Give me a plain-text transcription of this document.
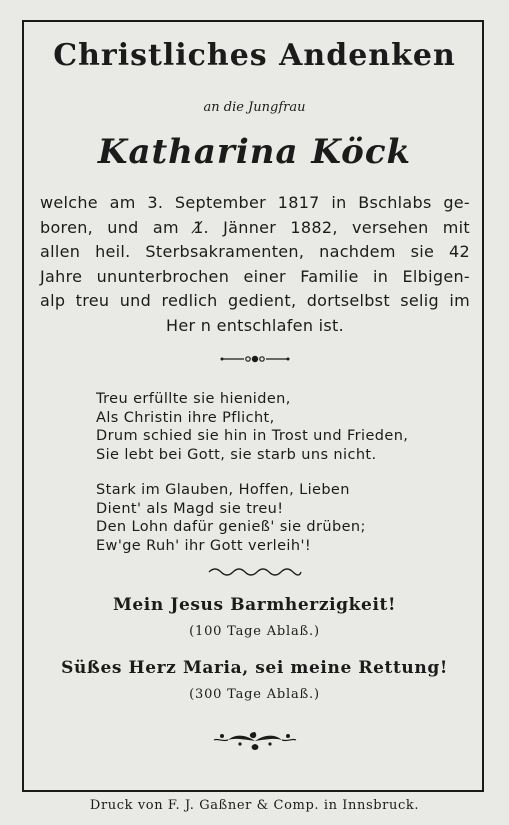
Christliches Andenken
an die Jungfrau
Katharina Köck
welche am 3. September 1817 in Bschlabs ge-
boren, und am 1̸. Jänner 1882, versehen mit
allen heil. Sterbsakramenten, nachdem sie 42
Jahre ununterbrochen einer Familie in Elbigen-
alp treu und redlich gedient, dortselbst selig im
Her n entschlafen ist.
Treu erfüllte sie hieniden,
Als Christin ihre Pflicht,
Drum schied sie hin in Trost und Frieden,
Sie lebt bei Gott, sie starb uns nicht.
Stark im Glauben, Hoffen, Lieben
Dient' als Magd sie treu!
Den Lohn dafür genieß' sie drüben;
Ew'ge Ruh' ihr Gott verleih'!
Mein Jesus Barmherzigkeit!
(100 Tage Ablaß.)
Süßes Herz Maria, sei meine Rettung!
(300 Tage Ablaß.)
Druck von F. J. Gaßner & Comp. in Innsbruck.
